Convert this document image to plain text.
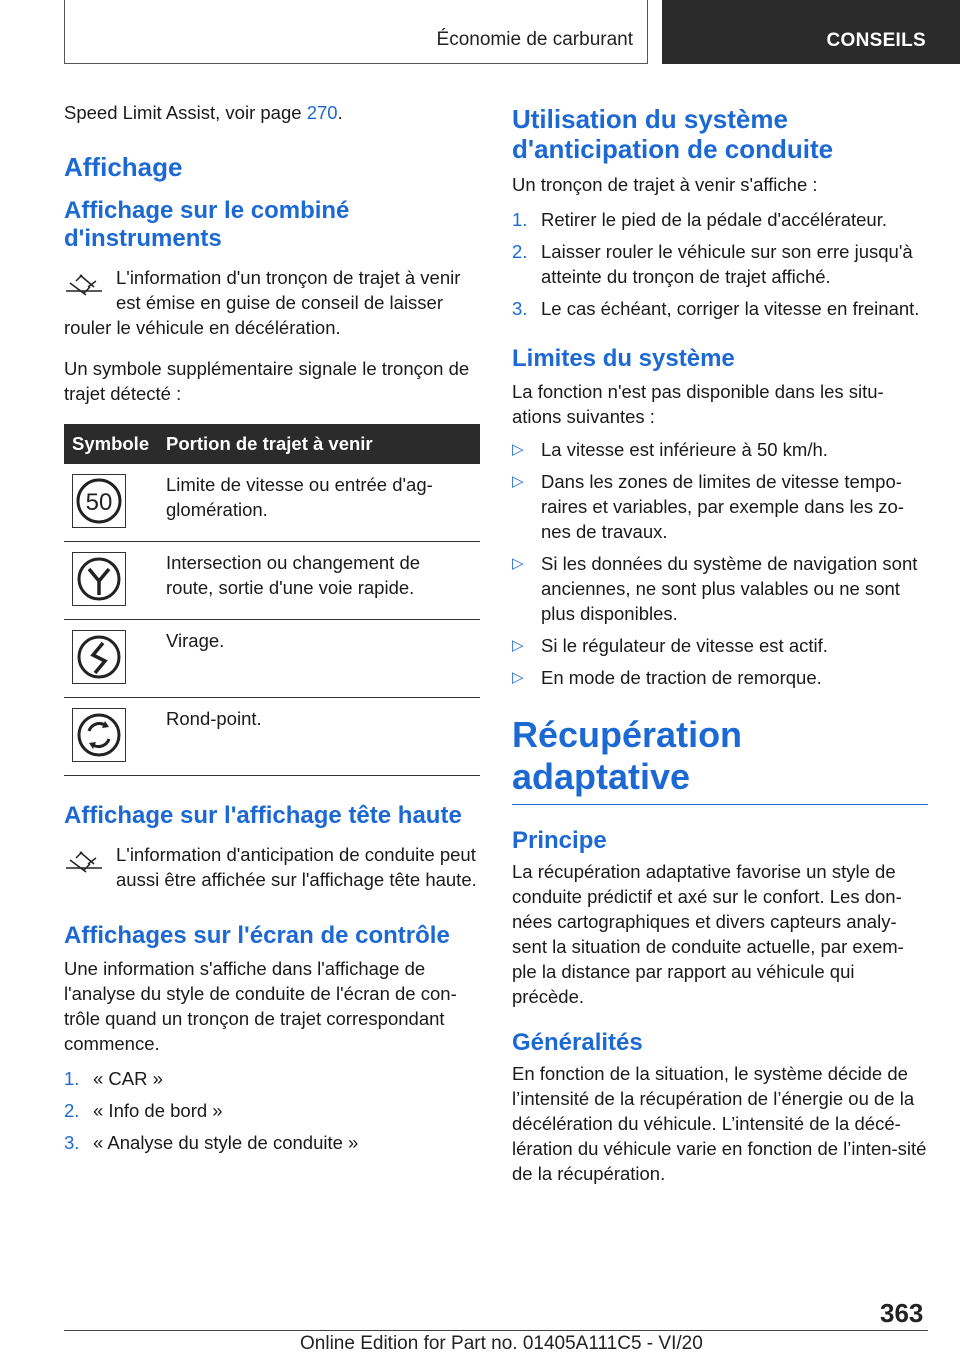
Économie de carburant	CONSEILS

Speed Limit Assist, voir page 270.

Affichage
Affichage sur le combiné d'instruments

L'information d'un tronçon de trajet à venir est émise en guise de conseil de laisser rouler le véhicule en décélération.

Un symbole supplémentaire signale le tronçon de trajet détecté :

Symbole	Portion de trajet à venir

50	Limite de vitesse ou entrée d'ag-glomération.

	Intersection ou changement de route, sortie d'une voie rapide.

	Virage.

	Rond-point.
Affichage sur l'affichage tête haute

L'information d'anticipation de conduite peut aussi être affichée sur l'affichage tête haute.

Affichages sur l'écran de contrôle

Une information s'affiche dans l'affichage de l'analyse du style de conduite de l'écran de con-trôle quand un tronçon de trajet correspondant commence.

1. « CAR »
2. « Info de bord »
3. « Analyse du style de conduite »
Utilisation du système d'anticipation de conduite

Un tronçon de trajet à venir s'affiche :

1. Retirer le pied de la pédale d'accélérateur.
2. Laisser rouler le véhicule sur son erre jusqu'à atteinte du tronçon de trajet affiché.
3. Le cas échéant, corriger la vitesse en freinant.
Limites du système

La fonction n'est pas disponible dans les situ-ations suivantes :

▷ La vitesse est inférieure à 50 km/h.
▷ Dans les zones de limites de vitesse tempo-raires et variables, par exemple dans les zo-nes de travaux.
▷ Si les données du système de navigation sont anciennes, ne sont plus valables ou ne sont plus disponibles.
▷ Si le régulateur de vitesse est actif.
▷ En mode de traction de remorque.
Récupération adaptative
Principe

La récupération adaptative favorise un style de conduite prédictif et axé sur le confort. Les don-nées cartographiques et divers capteurs analy-sent la situation de conduite actuelle, par exem-ple la distance par rapport au véhicule qui précède.

Généralités

En fonction de la situation, le système décide de l’intensité de la récupération de l’énergie ou de la décélération du véhicule. L’intensité de la décé-lération du véhicule varie en fonction de l’inten-sité de la récupération.

363
Online Edition for Part no. 01405A111C5 - VI/20
